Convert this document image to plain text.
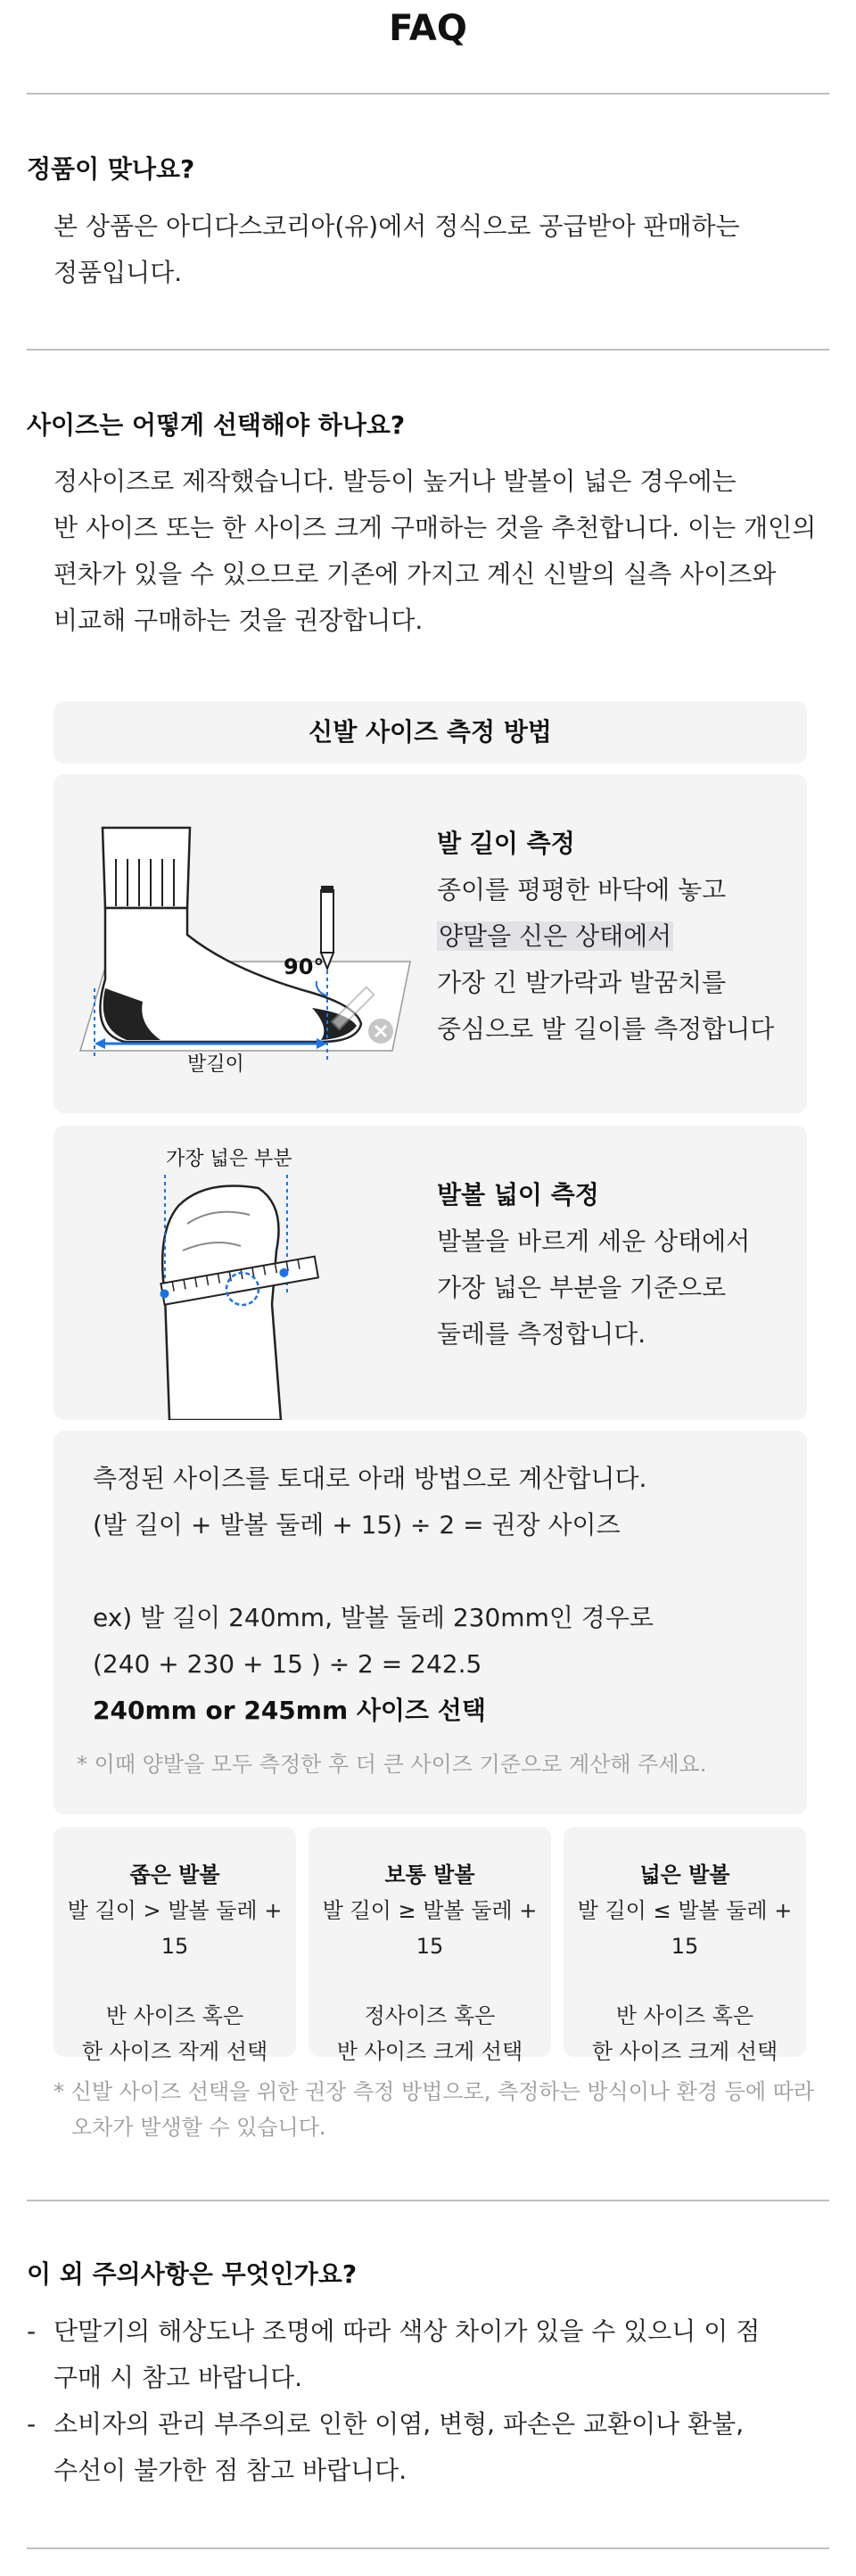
FAQ
정품이 맞나요?
본 상품은 아디다스코리아(유)에서 정식으로 공급받아 판매하는
정품입니다.
사이즈는 어떻게 선택해야 하나요?
정사이즈로 제작했습니다. 발등이 높거나 발볼이 넓은 경우에는
반 사이즈 또는 한 사이즈 크게 구매하는 것을 추천합니다. 이는 개인의
편차가 있을 수 있으므로 기존에 가지고 계신 신발의 실측 사이즈와
비교해 구매하는 것을 권장합니다.
신발 사이즈 측정 방법
90°
발길이
발 길이 측정

종이를 평평한 바닥에 놓고

양말을 신은 상태에서

가장 긴 발가락과 발꿈치를

중심으로 발 길이를 측정합니다

가장 넓은 부분
발볼 넓이 측정

발볼을 바르게 세운 상태에서

가장 넓은 부분을 기준으로

둘레를 측정합니다.

측정된 사이즈를 토대로 아래 방법으로 계산합니다.

(발 길이 + 발볼 둘레 + 15) ÷ 2 = 권장 사이즈

ex) 발 길이 240mm, 발볼 둘레 230mm인 경우로

(240 + 230 + 15 ) ÷ 2 = 242.5

240mm or 245mm 사이즈 선택

* 이때 양발을 모두 측정한 후 더 큰 사이즈 기준으로 계산해 주세요.
좁은 발볼
발 길이 > 발볼 둘레 + 15
반 사이즈 혹은
한 사이즈 작게 선택
보통 발볼
발 길이 ≥ 발볼 둘레 + 15
정사이즈 혹은
반 사이즈 크게 선택
넓은 발볼
발 길이 ≤ 발볼 둘레 + 15
반 사이즈 혹은
한 사이즈 크게 선택
* 신발 사이즈 선택을 위한 권장 측정 방법으로, 측정하는 방식이나 환경 등에 따라
오차가 발생할 수 있습니다.
이 외 주의사항은 무엇인가요?
- 단말기의 해상도나 조명에 따라 색상 차이가 있을 수 있으니 이 점
구매 시 참고 바랍니다.
- 소비자의 관리 부주의로 인한 이염, 변형, 파손은 교환이나 환불,
수선이 불가한 점 참고 바랍니다.
